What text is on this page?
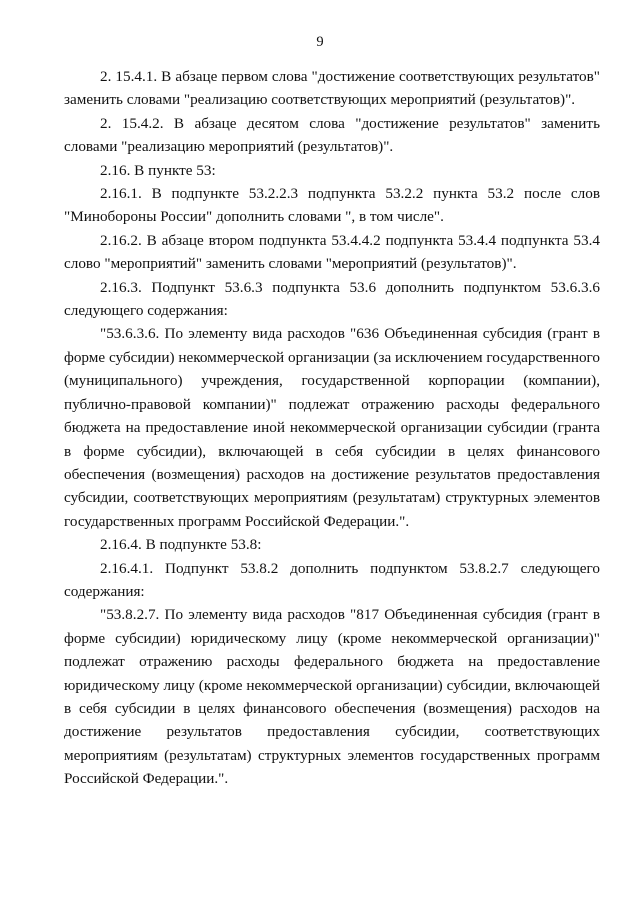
9

2. 15.4.1. В абзаце первом слова "достижение соответствующих результатов" заменить словами "реализацию соответствующих мероприятий (результатов)".

2. 15.4.2. В абзаце десятом слова "достижение результатов" заменить словами "реализацию мероприятий (результатов)".

2.16. В пункте 53:

2.16.1. В подпункте 53.2.2.3 подпункта 53.2.2 пункта 53.2 после слов "Минобороны России" дополнить словами ", в том числе".

2.16.2. В абзаце втором подпункта 53.4.4.2 подпункта 53.4.4 подпункта 53.4 слово "мероприятий" заменить словами "мероприятий (результатов)".

2.16.3. Подпункт 53.6.3 подпункта 53.6 дополнить подпунктом 53.6.3.6 следующего содержания:

"53.6.3.6. По элементу вида расходов "636 Объединенная субсидия (грант в форме субсидии) некоммерческой организации (за исключением государственного (муниципального) учреждения, государственной корпорации (компании), публично-правовой компании)" подлежат отражению расходы федерального бюджета на предоставление иной некоммерческой организации субсидии (гранта в форме субсидии), включающей в себя субсидии в целях финансового обеспечения (возмещения) расходов на достижение результатов предоставления субсидии, соответствующих мероприятиям (результатам) структурных элементов государственных программ Российской Федерации.".

2.16.4. В подпункте 53.8:

2.16.4.1. Подпункт 53.8.2 дополнить подпунктом 53.8.2.7 следующего содержания:

"53.8.2.7. По элементу вида расходов "817 Объединенная субсидия (грант в форме субсидии) юридическому лицу (кроме некоммерческой организации)" подлежат отражению расходы федерального бюджета на предоставление юридическому лицу (кроме некоммерческой организации) субсидии, включающей в себя субсидии в целях финансового обеспечения (возмещения) расходов на достижение результатов предоставления субсидии, соответствующих мероприятиям (результатам) структурных элементов государственных программ Российской Федерации.".
